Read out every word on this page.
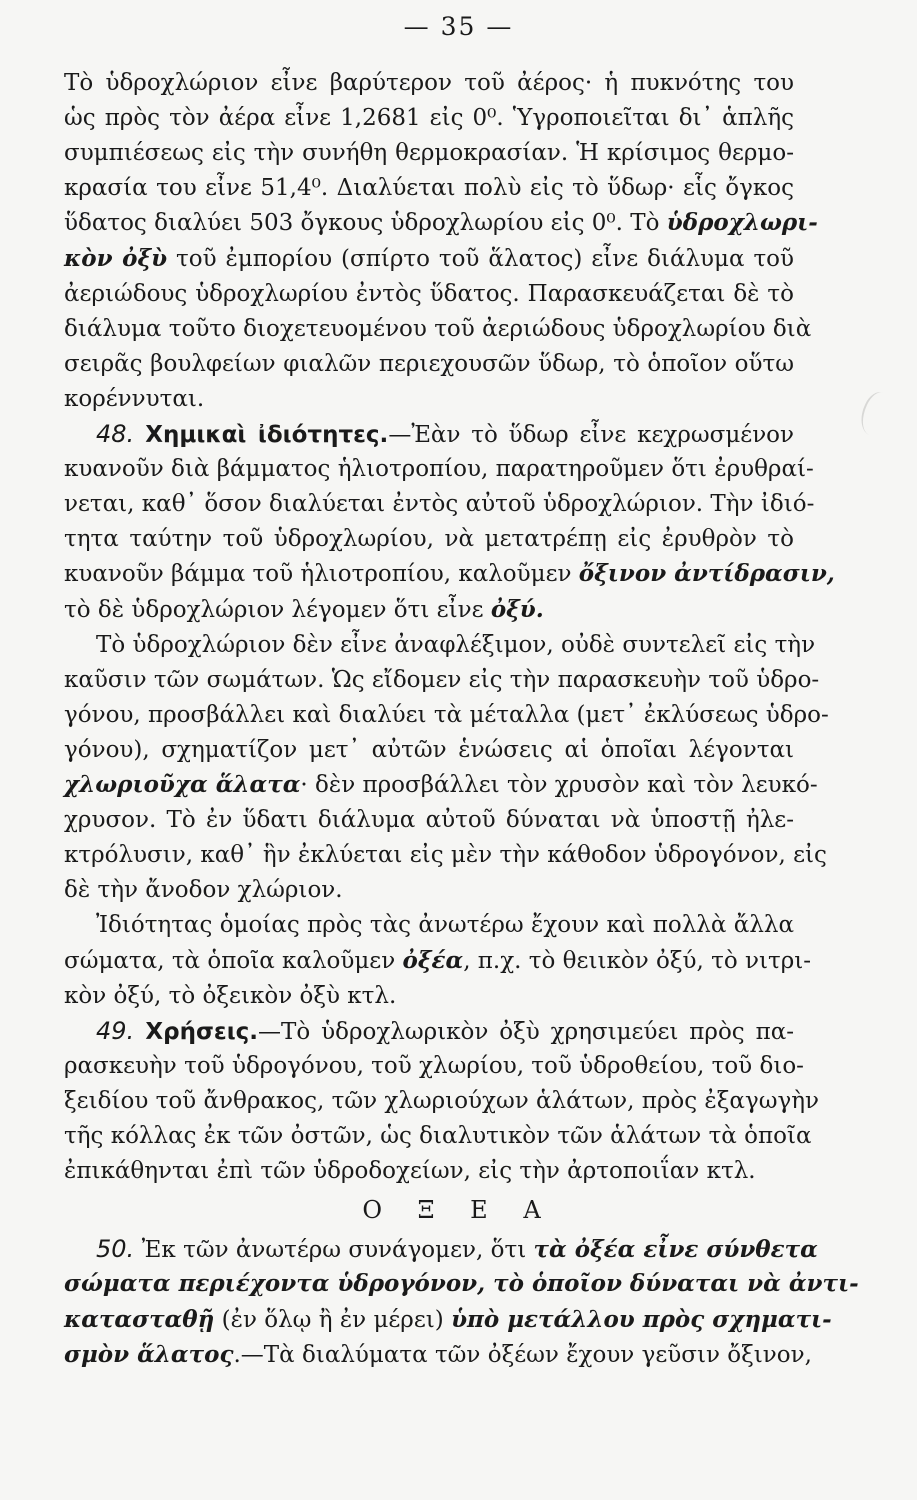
— 35 —
Τὸ ὑδροχλώριον εἶνε βαρύτερον τοῦ ἀέρος· ἡ πυκνότης του
ὡς πρὸς τὸν ἀέρα εἶνε 1,2681 εἰς 0⁰. Ὑγροποιεῖται δι᾿ ἁπλῆς
συμπιέσεως εἰς τὴν συνήθη θερμοκρασίαν. Ἡ κρίσιμος θερμο-
κρασία του εἶνε 51,4⁰. Διαλύεται πολὺ εἰς τὸ ὕδωρ· εἷς ὄγκος
ὕδατος διαλύει 503 ὄγκους ὑδροχλωρίου εἰς 0⁰. Τὸ ὑδροχλωρι-
κὸν ὀξὺ τοῦ ἐμπορίου (σπίρτο τοῦ ἅλατος) εἶνε διάλυμα τοῦ
ἀεριώδους ὑδροχλωρίου ἐντὸς ὕδατος. Παρασκευάζεται δὲ τὸ
διάλυμα τοῦτο διοχετευομένου τοῦ ἀεριώδους ὑδροχλωρίου διὰ
σειρᾶς βουλφείων φιαλῶν περιεχουσῶν ὕδωρ, τὸ ὁποῖον οὕτω
κορέννυται.
48. Χημικαὶ ἰδιότητες.—Ἐὰν τὸ ὕδωρ εἶνε κεχρωσμένον
κυανοῦν διὰ βάμματος ἡλιοτροπίου, παρατηροῦμεν ὅτι ἐρυθραί-
νεται, καθ᾿ ὅσον διαλύεται ἐντὸς αὐτοῦ ὑδροχλώριον. Τὴν ἰδιό-
τητα ταύτην τοῦ ὑδροχλωρίου, νὰ μετατρέπῃ εἰς ἐρυθρὸν τὸ
κυανοῦν βάμμα τοῦ ἡλιοτροπίου, καλοῦμεν ὄξινον ἀντίδρασιν,
τὸ δὲ ὑδροχλώριον λέγομεν ὅτι εἶνε ὀξύ.
Τὸ ὑδροχλώριον δὲν εἶνε ἀναφλέξιμον, οὐδὲ συντελεῖ εἰς τὴν
καῦσιν τῶν σωμάτων. Ὡς εἴδομεν εἰς τὴν παρασκευὴν τοῦ ὑδρο-
γόνου, προσβάλλει καὶ διαλύει τὰ μέταλλα (μετ᾿ ἐκλύσεως ὑδρο-
γόνου), σχηματίζον μετ᾿ αὐτῶν ἑνώσεις αἱ ὁποῖαι λέγονται
χλωριοῦχα ἅλατα· δὲν προσβάλλει τὸν χρυσὸν καὶ τὸν λευκό-
χρυσον. Τὸ ἐν ὕδατι διάλυμα αὐτοῦ δύναται νὰ ὑποστῇ ἠλε-
κτρόλυσιν, καθ᾿ ἣν ἐκλύεται εἰς μὲν τὴν κάθοδον ὑδρογόνον, εἰς
δὲ τὴν ἄνοδον χλώριον.
Ἰδιότητας ὁμοίας πρὸς τὰς ἀνωτέρω ἔχουν καὶ πολλὰ ἄλλα
σώματα, τὰ ὁποῖα καλοῦμεν ὀξέα, π.χ. τὸ θειικὸν ὀξύ, τὸ νιτρι-
κὸν ὀξύ, τὸ ὀξεικὸν ὀξὺ κτλ.
49. Χρήσεις.—Τὸ ὑδροχλωρικὸν ὀξὺ χρησιμεύει πρὸς πα-
ρασκευὴν τοῦ ὑδρογόνου, τοῦ χλωρίου, τοῦ ὑδροθείου, τοῦ διο-
ξειδίου τοῦ ἄνθρακος, τῶν χλωριούχων ἁλάτων, πρὸς ἐξαγωγὴν
τῆς κόλλας ἐκ τῶν ὀστῶν, ὡς διαλυτικὸν τῶν ἁλάτων τὰ ὁποῖα
ἐπικάθηνται ἐπὶ τῶν ὑδροδοχείων, εἰς τὴν ἀρτοποιΐαν κτλ.
Ο Ξ Ε Α
50. Ἐκ τῶν ἀνωτέρω συνάγομεν, ὅτι τὰ ὀξέα εἶνε σύνθετα
σώματα περιέχοντα ὑδρογόνον, τὸ ὁποῖον δύναται νὰ ἀντι-
κατασταθῇ (ἐν ὅλῳ ἢ ἐν μέρει) ὑπὸ μετάλλου πρὸς σχηματι-
σμὸν ἅλατος.—Τὰ διαλύματα τῶν ὀξέων ἔχουν γεῦσιν ὄξινον,
